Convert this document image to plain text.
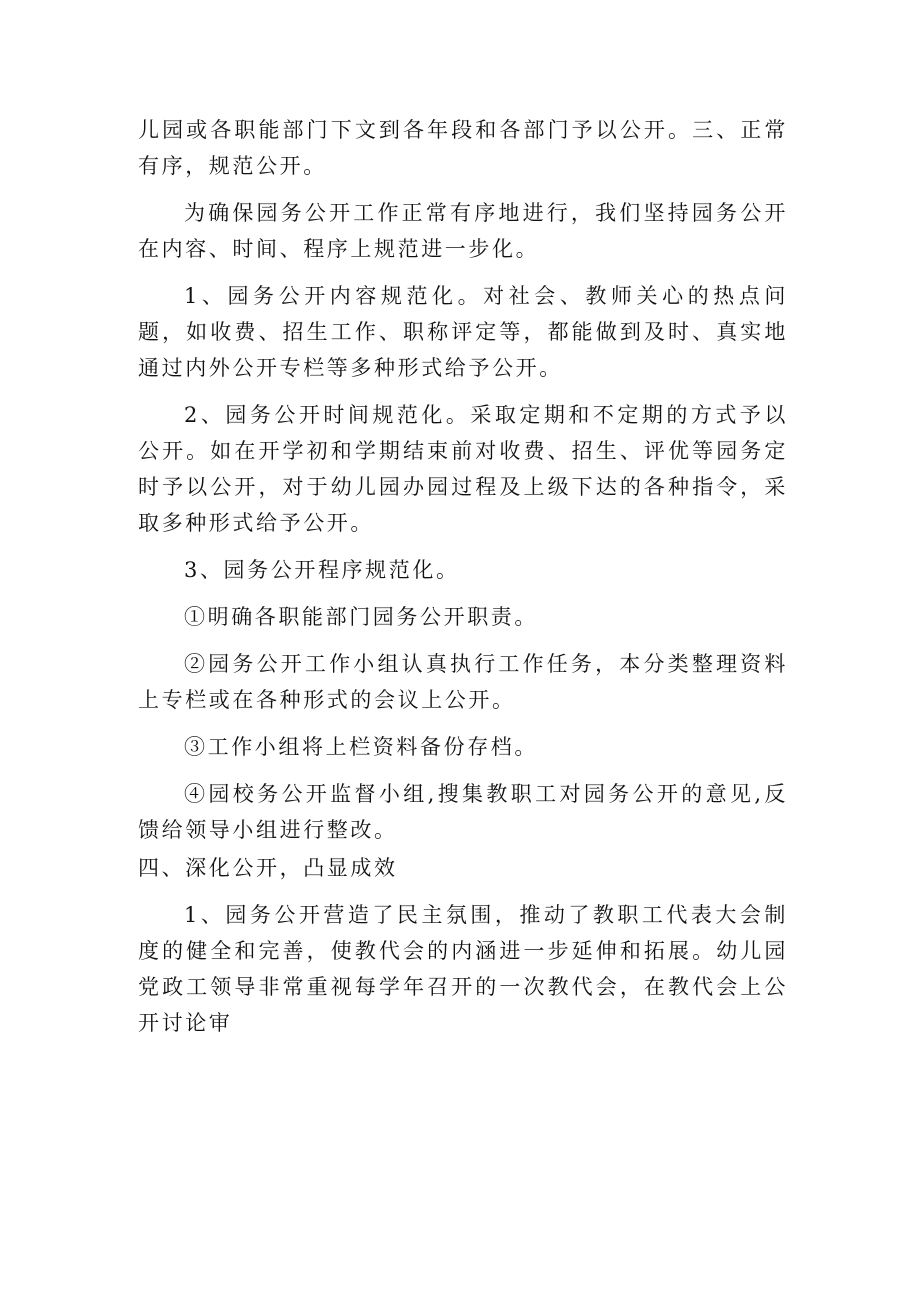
儿园或各职能部门下文到各年段和各部门予以公开。三、正常有序，规范公开。

为确保园务公开工作正常有序地进行，我们坚持园务公开在内容、时间、程序上规范进一步化。

1、园务公开内容规范化。对社会、教师关心的热点问题，如收费、招生工作、职称评定等，都能做到及时、真实地通过内外公开专栏等多种形式给予公开。

2、园务公开时间规范化。采取定期和不定期的方式予以公开。如在开学初和学期结束前对收费、招生、评优等园务定时予以公开，对于幼儿园办园过程及上级下达的各种指令，采取多种形式给予公开。

3、园务公开程序规范化。

①明确各职能部门园务公开职责。

②园务公开工作小组认真执行工作任务，本分类整理资料上专栏或在各种形式的会议上公开。

③工作小组将上栏资料备份存档。

④园校务公开监督小组,搜集教职工对园务公开的意见,反馈给领导小组进行整改。

四、深化公开，凸显成效

1、园务公开营造了民主氛围，推动了教职工代表大会制度的健全和完善，使教代会的内涵进一步延伸和拓展。幼儿园党政工领导非常重视每学年召开的一次教代会，在教代会上公开讨论审
